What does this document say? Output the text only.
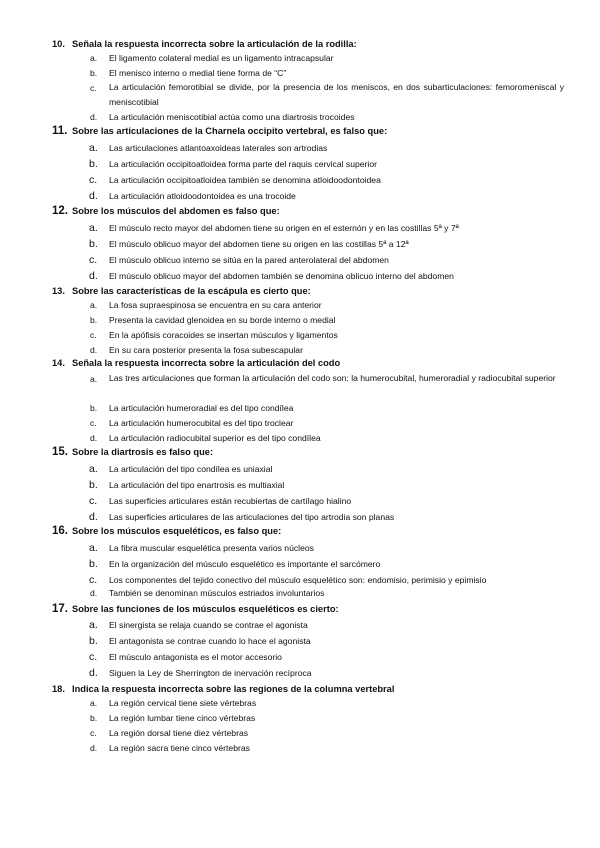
10. Señala la respuesta incorrecta sobre la articulación de la rodilla:
a.	El ligamento colateral medial es un ligamento intracapsular
b.	El menisco interno o medial tiene forma de “C”
c.	La articulación femorotibial se divide, por la presencia de los meniscos, en dos subarticulaciones: femoromeniscal y meniscotibial
d.	La articulación meniscotibial actúa como una diartrosis trocoides
11. Sobre las articulaciones de la Charnela occipito vertebral, es falso que:
a.	Las articulaciones atlantoaxoideas laterales son artrodias
b.	La articulación occipitoatloidea forma parte del raquis cervical superior
c.	La articulación occipitoatloidea también se denomina atloidoodontoidea
d.	La articulación atloidoodontoidea es una trocoide
12. Sobre los músculos del abdomen es falso que:
a.	El músculo recto mayor del abdomen tiene su origen en el esternón y en las costillas 5ª y 7ª
b.	El músculo oblicuo mayor del abdomen tiene su origen en las costillas 5ª a 12ª
c.	El músculo oblicuo interno se sitúa en la pared anterolateral del abdomen
d.	El músculo oblicuo mayor del abdomen también se denomina oblicuo interno del abdomen
13. Sobre las características de la escápula es cierto que:
a.	La fosa supraespinosa se encuentra en su cara anterior
b.	Presenta la cavidad glenoidea en su borde interno o medial
c.	En la apófisis coracoides se insertan músculos y ligamentos
d.	En su cara posterior presenta la fosa subescapular
14. Señala la respuesta incorrecta sobre la articulación del codo
a.	Las tres articulaciones que forman la articulación del codo son: la humerocubital, humeroradial y radiocubital superior
b.	La articulación humeroradial es del tipo condílea
c.	La articulación humerocubital es del tipo troclear
d.	La articulación radiocubital superior es del tipo condílea
15. Sobre la diartrosis es falso que:
a.	La articulación del tipo condílea es uniaxial
b.	La articulación del tipo enartrosis es multiaxial
c.	Las superficies articulares están recubiertas de cartílago hialino
d.	Las superficies articulares de las articulaciones del tipo artrodia son planas
16. Sobre los músculos esqueléticos, es falso que:
a.	La fibra muscular esquelética presenta varios núcleos
b.	En la organización del músculo esquelético es importante el sarcómero
c.	Los componentes del tejido conectivo del músculo esquelético son: endomisio, perimisio y epimisio
d.	También se denominan músculos estriados involuntarios
17. Sobre las funciones de los músculos esqueléticos es cierto:
a.	El sinergista se relaja cuando se contrae el agonista
b.	El antagonista se contrae cuando lo hace el agonista
c.	El músculo antagonista es el motor accesorio
d.	Siguen la Ley de Sherrington de inervación recíproca
18. Indica la respuesta incorrecta sobre las regiones de la columna vertebral
a.	La región cervical tiene siete vértebras
b.	La región lumbar tiene cinco vértebras
c.	La región dorsal tiene diez vértebras
d.	La región sacra tiene cinco vértebras
